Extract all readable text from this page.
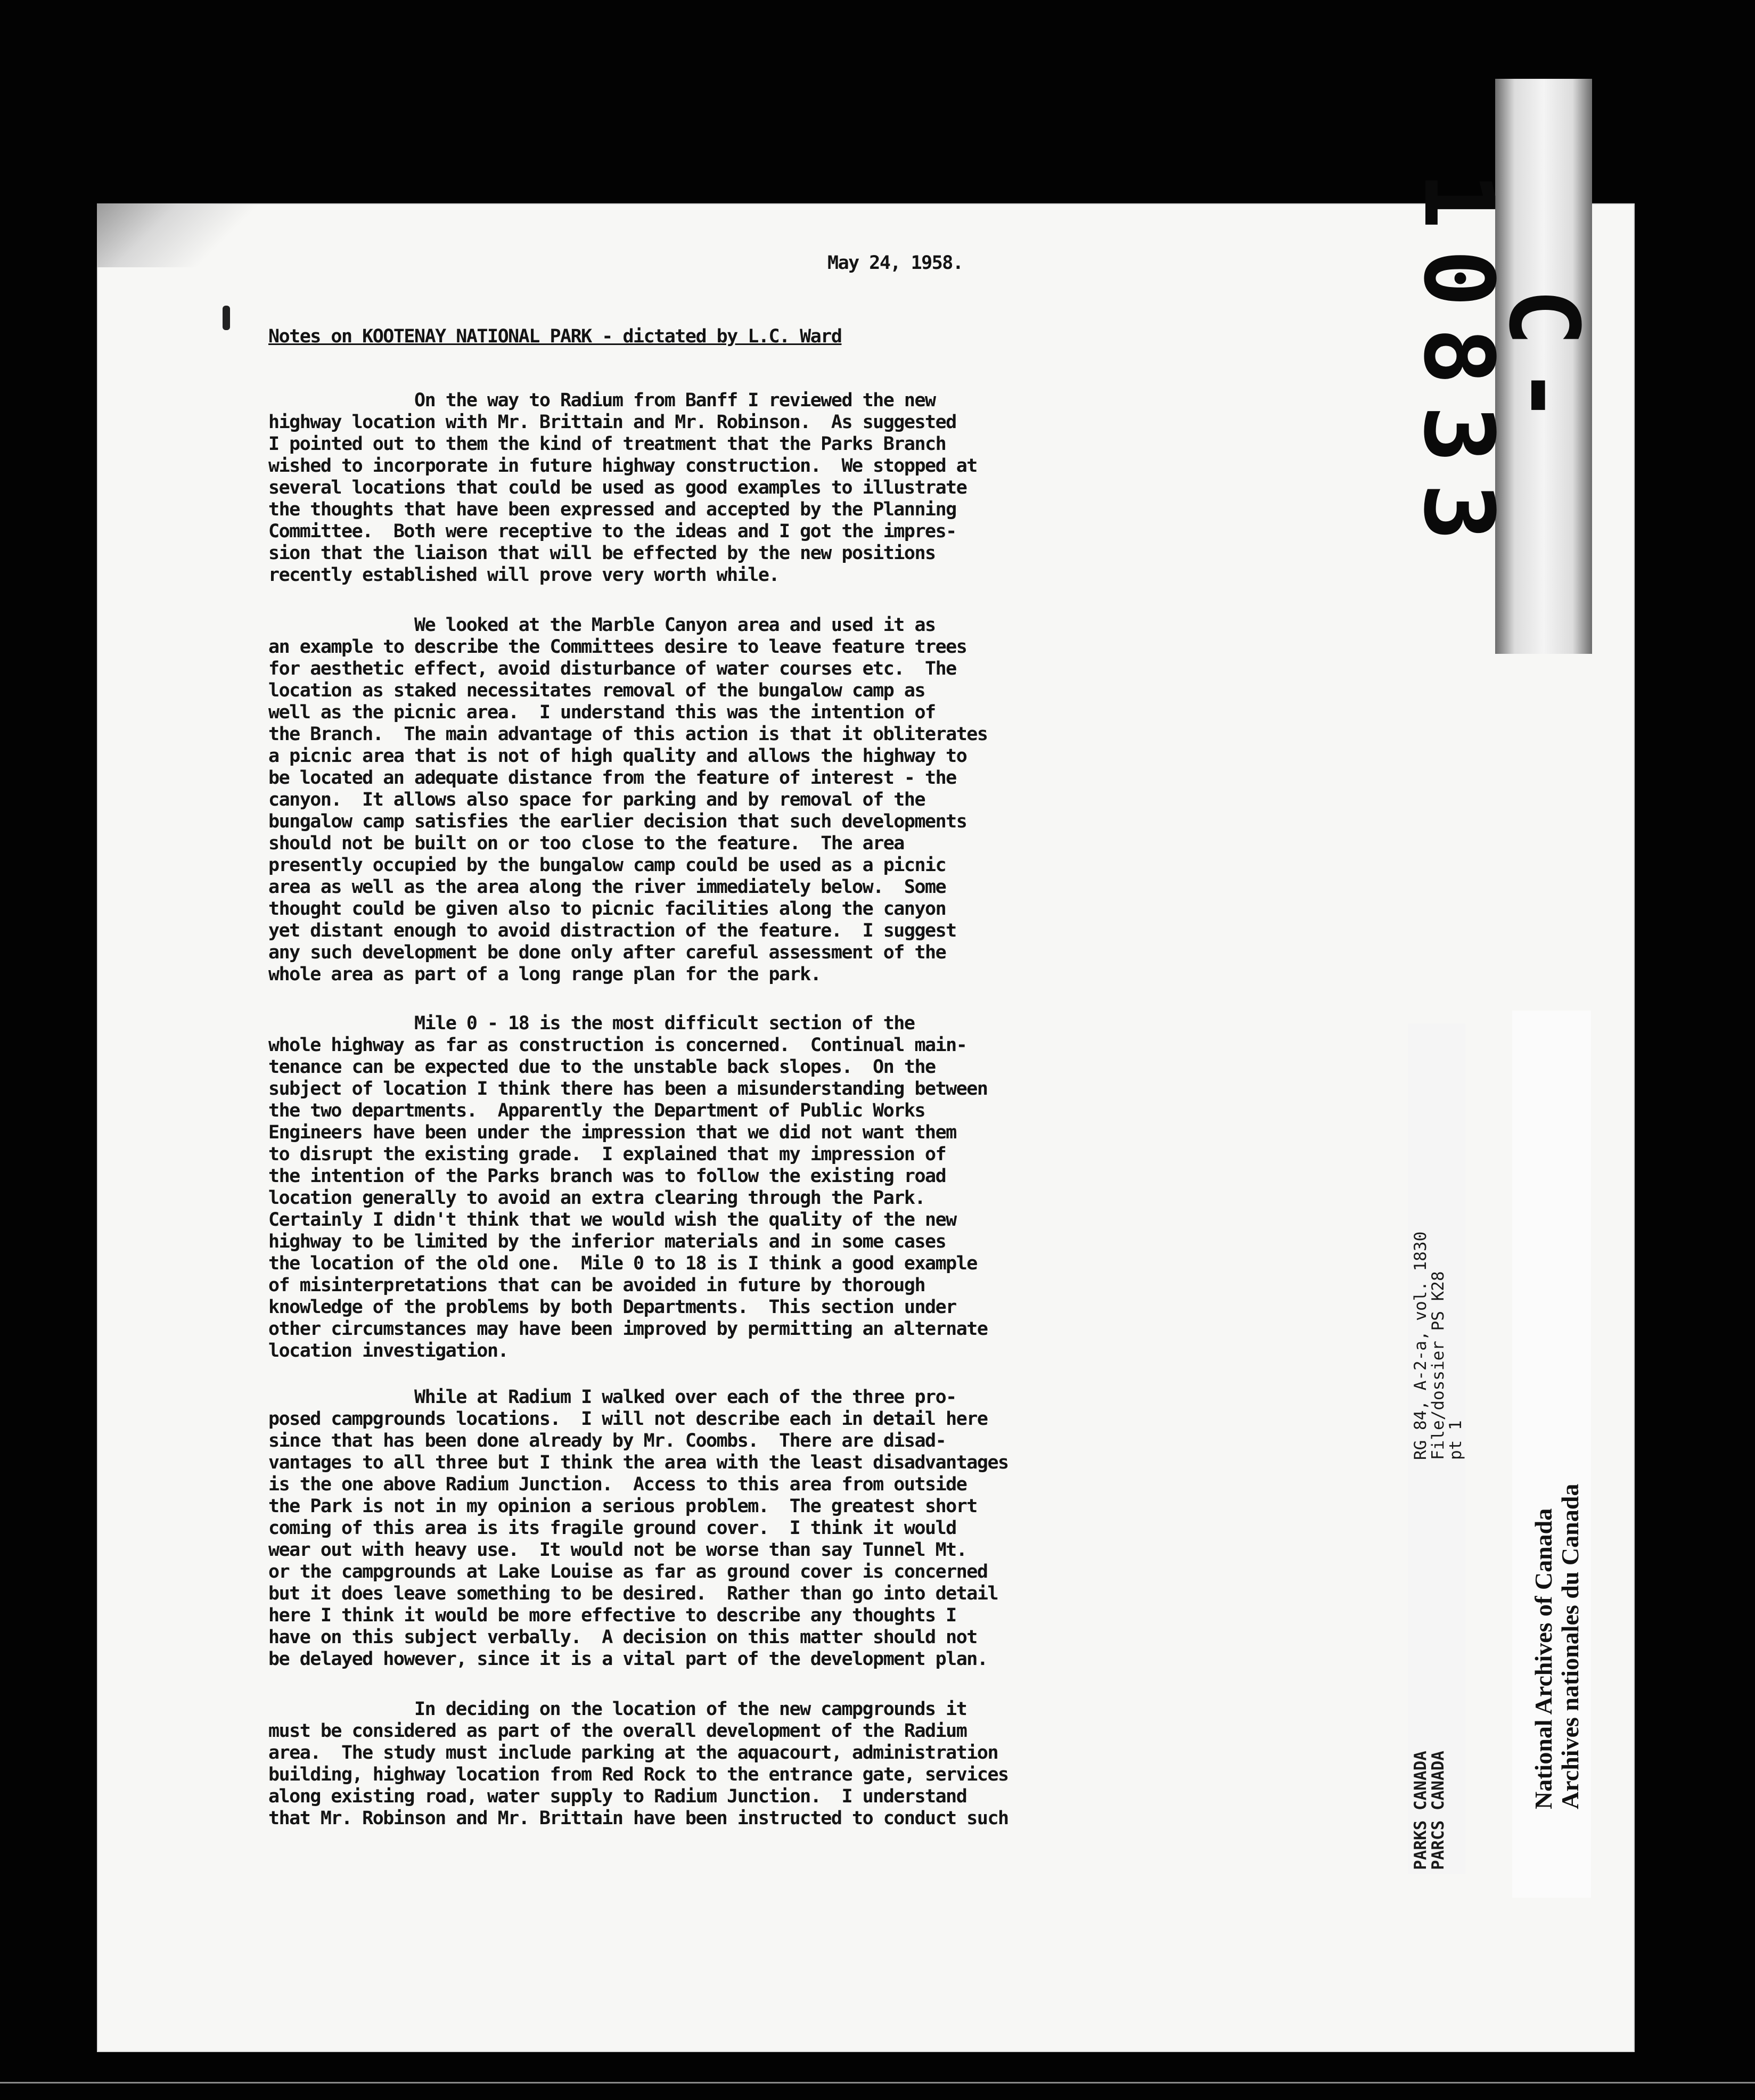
May 24, 1958.

Notes on KOOTENAY NATIONAL PARK - dictated by L.C. Ward

On the way to Radium from Banff I reviewed the new
highway location with Mr. Brittain and Mr. Robinson.  As suggested
I pointed out to them the kind of treatment that the Parks Branch
wished to incorporate in future highway construction.  We stopped at
several locations that could be used as good examples to illustrate
the thoughts that have been expressed and accepted by the Planning
Committee.  Both were receptive to the ideas and I got the impres-
sion that the liaison that will be effected by the new positions
recently established will prove very worth while.

We looked at the Marble Canyon area and used it as
an example to describe the Committees desire to leave feature trees
for aesthetic effect, avoid disturbance of water courses etc.  The
location as staked necessitates removal of the bungalow camp as
well as the picnic area.  I understand this was the intention of
the Branch.  The main advantage of this action is that it obliterates
a picnic area that is not of high quality and allows the highway to
be located an adequate distance from the feature of interest - the
canyon.  It allows also space for parking and by removal of the
bungalow camp satisfies the earlier decision that such developments
should not be built on or too close to the feature.  The area
presently occupied by the bungalow camp could be used as a picnic
area as well as the area along the river immediately below.  Some
thought could be given also to picnic facilities along the canyon
yet distant enough to avoid distraction of the feature.  I suggest
any such development be done only after careful assessment of the
whole area as part of a long range plan for the park.

Mile 0 - 18 is the most difficult section of the
whole highway as far as construction is concerned.  Continual main-
tenance can be expected due to the unstable back slopes.  On the
subject of location I think there has been a misunderstanding between
the two departments.  Apparently the Department of Public Works
Engineers have been under the impression that we did not want them
to disrupt the existing grade.  I explained that my impression of
the intention of the Parks branch was to follow the existing road
location generally to avoid an extra clearing through the Park.
Certainly I didn't think that we would wish the quality of the new
highway to be limited by the inferior materials and in some cases
the location of the old one.  Mile 0 to 18 is I think a good example
of misinterpretations that can be avoided in future by thorough
knowledge of the problems by both Departments.  This section under
other circumstances may have been improved by permitting an alternate
location investigation.

While at Radium I walked over each of the three pro-
posed campgrounds locations.  I will not describe each in detail here
since that has been done already by Mr. Coombs.  There are disad-
vantages to all three but I think the area with the least disadvantages
is the one above Radium Junction.  Access to this area from outside
the Park is not in my opinion a serious problem.  The greatest short
coming of this area is its fragile ground cover.  I think it would
wear out with heavy use.  It would not be worse than say Tunnel Mt.
or the campgrounds at Lake Louise as far as ground cover is concerned
but it does leave something to be desired.  Rather than go into detail
here I think it would be more effective to describe any thoughts I
have on this subject verbally.  A decision on this matter should not
be delayed however, since it is a vital part of the development plan.

In deciding on the location of the new campgrounds it
must be considered as part of the overall development of the Radium
area.  The study must include parking at the aquacourt, administration
building, highway location from Red Rock to the entrance gate, services
along existing road, water supply to Radium Junction.  I understand
that Mr. Robinson and Mr. Brittain have been instructed to conduct such

C-10833
RG 84, A-2-a, vol. 1830
File/dossier PS K28
pt 1
PARKS CANADA
PARCS CANADA	National Archives of Canada
Archives nationales du Canada
